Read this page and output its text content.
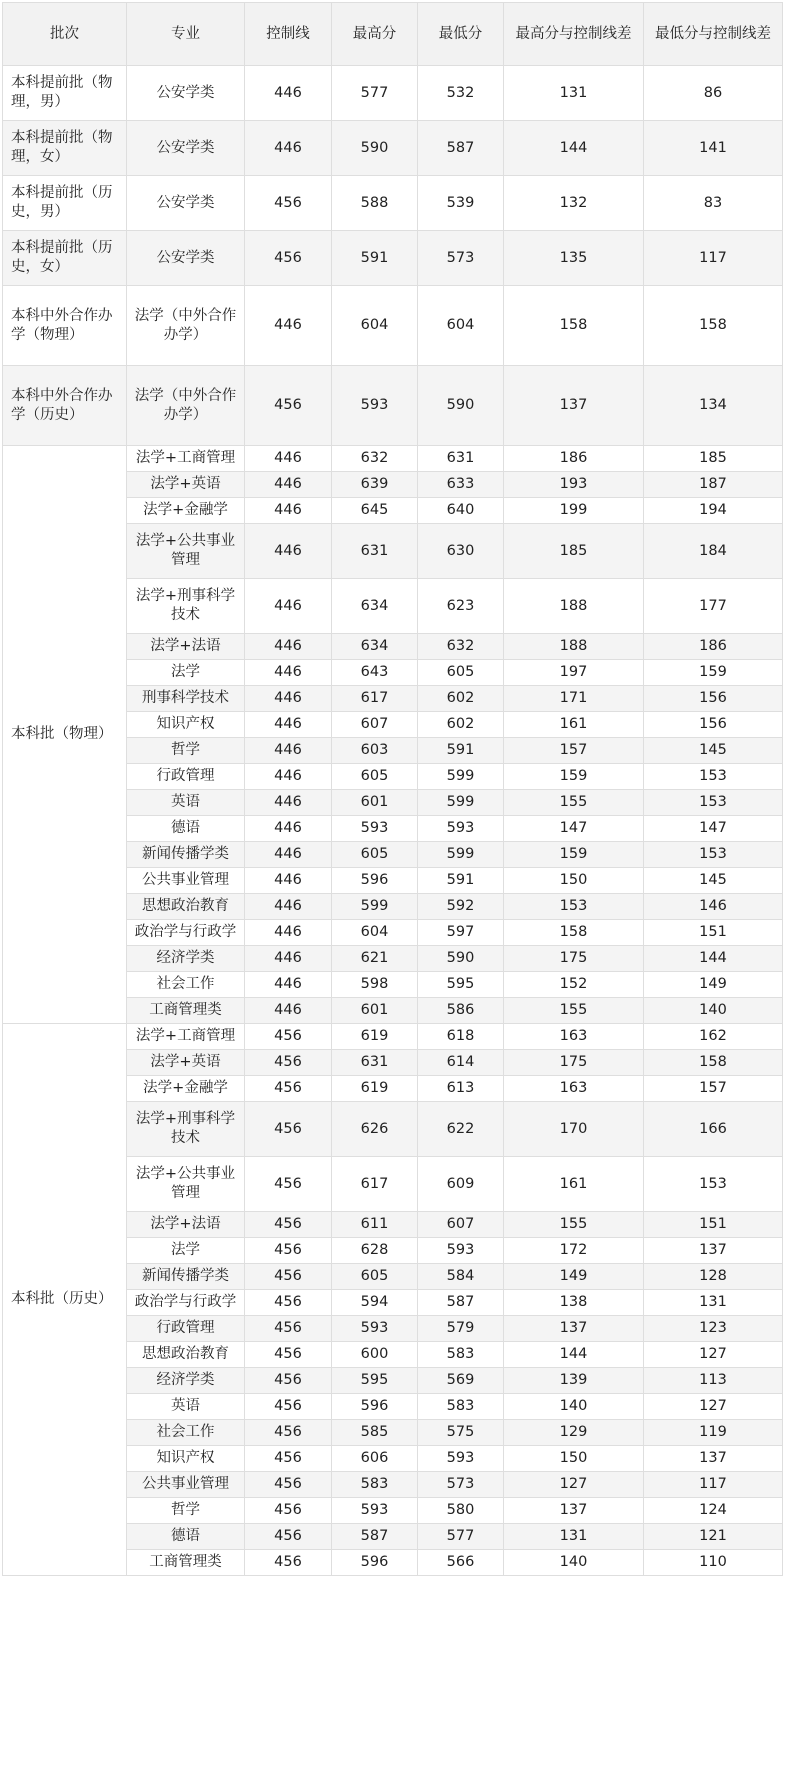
批次	专业	控制线	最高分	最低分	最高分与控制线差	最低分与控制线差
本科提前批（物理，男）	公安学类	446	577	532	131	86
本科提前批（物理，女）	公安学类	446	590	587	144	141
本科提前批（历史，男）	公安学类	456	588	539	132	83
本科提前批（历史，女）	公安学类	456	591	573	135	117
本科中外合作办学（物理）	法学（中外合作办学）	446	604	604	158	158
本科中外合作办学（历史）	法学（中外合作办学）	456	593	590	137	134
本科批（物理）	法学+工商管理	446	632	631	186	185
	法学+英语	446	639	633	193	187
	法学+金融学	446	645	640	199	194
	法学+公共事业管理	446	631	630	185	184
	法学+刑事科学技术	446	634	623	188	177
	法学+法语	446	634	632	188	186
	法学	446	643	605	197	159
	刑事科学技术	446	617	602	171	156
	知识产权	446	607	602	161	156
	哲学	446	603	591	157	145
	行政管理	446	605	599	159	153
	英语	446	601	599	155	153
	德语	446	593	593	147	147
	新闻传播学类	446	605	599	159	153
	公共事业管理	446	596	591	150	145
	思想政治教育	446	599	592	153	146
	政治学与行政学	446	604	597	158	151
	经济学类	446	621	590	175	144
	社会工作	446	598	595	152	149
	工商管理类	446	601	586	155	140
本科批（历史）	法学+工商管理	456	619	618	163	162
	法学+英语	456	631	614	175	158
	法学+金融学	456	619	613	163	157
	法学+刑事科学技术	456	626	622	170	166
	法学+公共事业管理	456	617	609	161	153
	法学+法语	456	611	607	155	151
	法学	456	628	593	172	137
	新闻传播学类	456	605	584	149	128
	政治学与行政学	456	594	587	138	131
	行政管理	456	593	579	137	123
	思想政治教育	456	600	583	144	127
	经济学类	456	595	569	139	113
	英语	456	596	583	140	127
	社会工作	456	585	575	129	119
	知识产权	456	606	593	150	137
	公共事业管理	456	583	573	127	117
	哲学	456	593	580	137	124
	德语	456	587	577	131	121
	工商管理类	456	596	566	140	110
